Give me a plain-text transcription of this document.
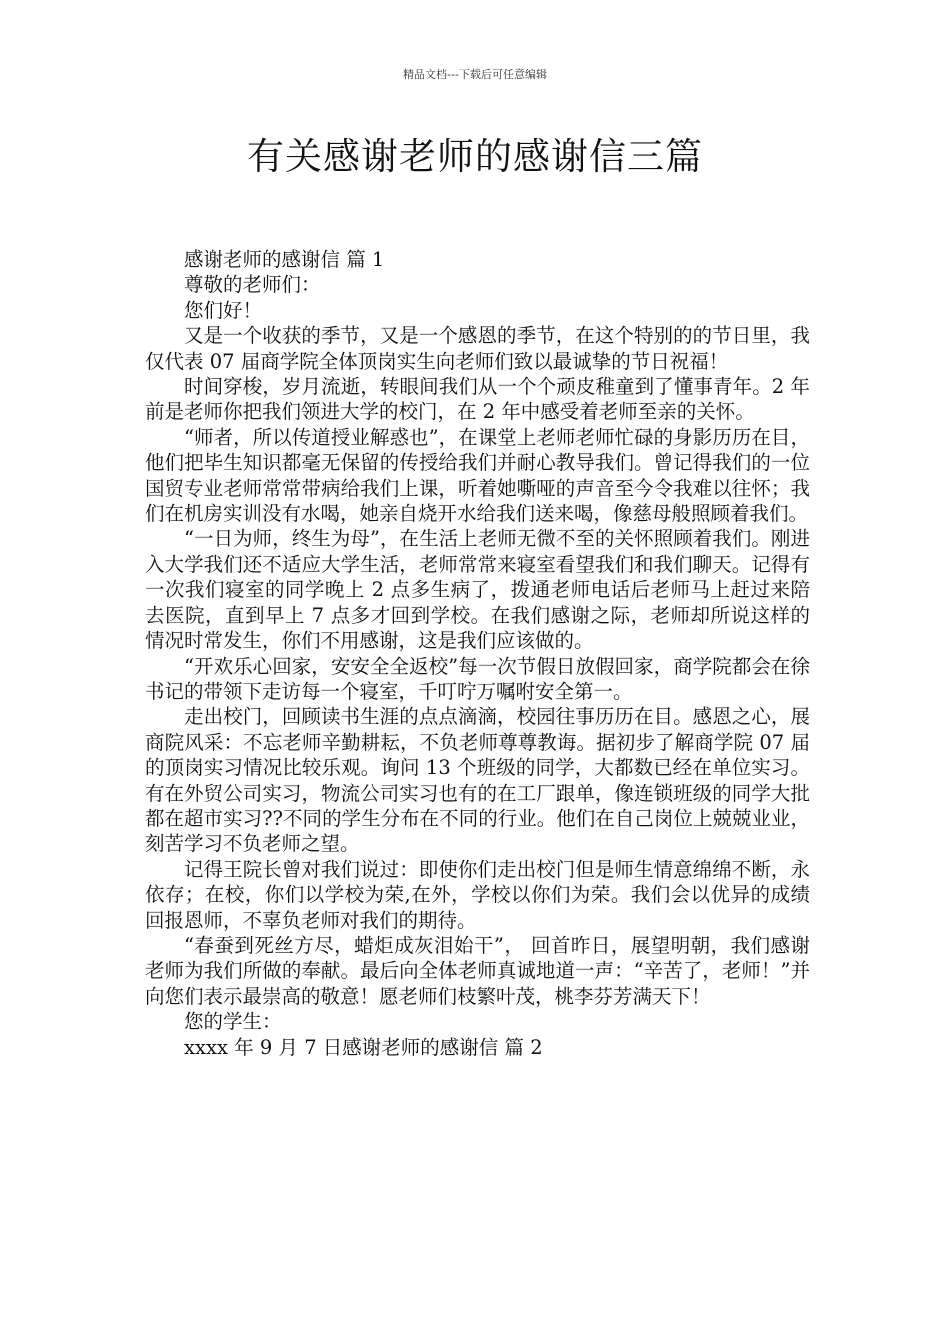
精品文档---下载后可任意编辑
有关感谢老师的感谢信三篇

感谢老师的感谢信 篇 1

尊敬的老师们：

您们好！

又是一个收获的季节，又是一个感恩的季节，在这个特别的的节日里，我仅代表 07 届商学院全体顶岗实生向老师们致以最诚挚的节日祝福！

时间穿梭，岁月流逝，转眼间我们从一个个顽皮稚童到了懂事青年。2 年前是老师你把我们领进大学的校门，在 2 年中感受着老师至亲的关怀。

“师者，所以传道授业解惑也”，在课堂上老师老师忙碌的身影历历在目，他们把毕生知识都毫无保留的传授给我们并耐心教导我们。曾记得我们的一位国贸专业老师常常带病给我们上课，听着她嘶哑的声音至今令我难以往怀；我们在机房实训没有水喝，她亲自烧开水给我们送来喝，像慈母般照顾着我们。

“一日为师，终生为母”，在生活上老师无微不至的关怀照顾着我们。刚进入大学我们还不适应大学生活，老师常常来寝室看望我们和我们聊天。记得有一次我们寝室的同学晚上 2 点多生病了，拨通老师电话后老师马上赶过来陪去医院，直到早上 7 点多才回到学校。在我们感谢之际，老师却所说这样的情况时常发生，你们不用感谢，这是我们应该做的。

“开欢乐心回家，安安全全返校”每一次节假日放假回家，商学院都会在徐书记的带领下走访每一个寝室，千叮咛万嘱咐安全第一。

走出校门，回顾读书生涯的点点滴滴，校园往事历历在目。感恩之心，展商院风采：不忘老师辛勤耕耘，不负老师尊尊教诲。据初步了解商学院 07 届的顶岗实习情况比较乐观。询问 13 个班级的同学，大都数已经在单位实习。有在外贸公司实习，物流公司实习也有的在工厂跟单，像连锁班级的同学大批都在超市实习??不同的学生分布在不同的行业。他们在自己岗位上兢兢业业，刻苦学习不负老师之望。

记得王院长曾对我们说过：即使你们走出校门但是师生情意绵绵不断，永依存；在校，你们以学校为荣,在外，学校以你们为荣。我们会以优异的成绩回报恩师，不辜负老师对我们的期待。

“春蚕到死丝方尽，蜡炬成灰泪始干”， 回首昨日，展望明朝，我们感谢老师为我们所做的奉献。最后向全体老师真诚地道一声：“辛苦了，老师！”并向您们表示最崇高的敬意！愿老师们枝繁叶茂，桃李芬芳满天下！

您的学生：

xxxx 年 9 月 7 日感谢老师的感谢信 篇 2
